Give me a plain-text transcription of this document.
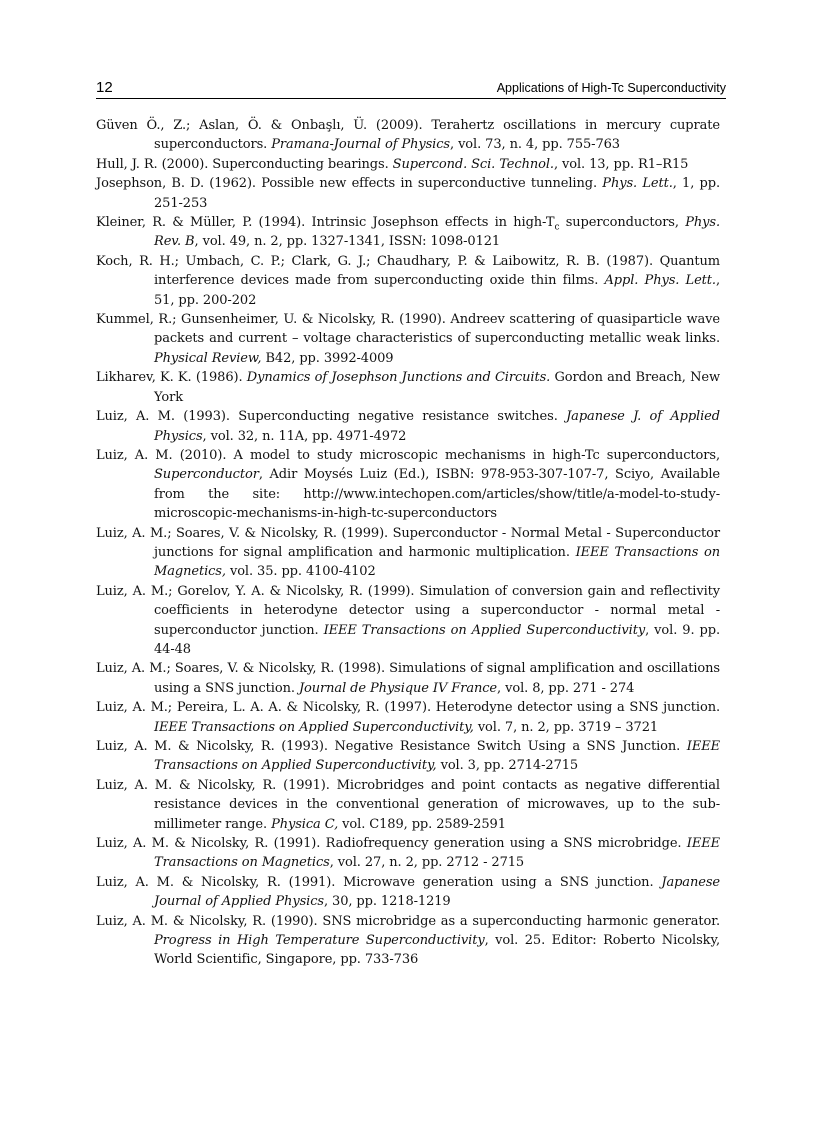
12	Applications of High-Tc Superconductivity

Güven Ö., Z.; Aslan, Ö. & Onbaşlı, Ü. (2009). Terahertz oscillations in mercury cuprate superconductors. Pramana-Journal of Physics, vol. 73, n. 4, pp. 755-763

Hull, J. R. (2000). Superconducting bearings. Supercond. Sci. Technol., vol. 13, pp. R1–R15

Josephson, B. D. (1962). Possible new effects in superconductive tunneling. Phys. Lett., 1, pp. 251-253

Kleiner, R. & Müller, P. (1994). Intrinsic Josephson effects in high-$T_c$ superconductors, Phys. Rev. B, vol. 49, n. 2, pp. 1327-1341, ISSN: 1098-0121

Koch, R. H.; Umbach, C. P.; Clark, G. J.; Chaudhary, P. & Laibowitz, R. B. (1987). Quantum interference devices made from superconducting oxide thin films. Appl. Phys. Lett., 51, pp. 200-202

Kummel, R.; Gunsenheimer, U. & Nicolsky, R. (1990). Andreev scattering of quasiparticle wave packets and current – voltage characteristics of superconducting metallic weak links. Physical Review, B42, pp. 3992-4009

Likharev, K. K. (1986). Dynamics of Josephson Junctions and Circuits. Gordon and Breach, New York

Luiz, A. M. (1993). Superconducting negative resistance switches. Japanese J. of Applied Physics, vol. 32, n. 11A, pp. 4971-4972

Luiz, A. M. (2010). A model to study microscopic mechanisms in high-Tc superconductors, Superconductor, Adir Moysés Luiz (Ed.), ISBN: 978-953-307-107-7, Sciyo, Available from the site: http://www.intechopen.com/articles/show/title/a-model-to-study-microscopic-mechanisms-in-high-tc-superconductors

Luiz, A. M.; Soares, V. & Nicolsky, R. (1999). Superconductor - Normal Metal - Superconductor junctions for signal amplification and harmonic multiplication. IEEE Transactions on Magnetics, vol. 35. pp. 4100-4102

Luiz, A. M.; Gorelov, Y. A. & Nicolsky, R. (1999). Simulation of conversion gain and reflectivity coefficients in heterodyne detector using a superconductor - normal metal - superconductor junction. IEEE Transactions on Applied Superconductivity, vol. 9. pp. 44-48

Luiz, A. M.; Soares, V. & Nicolsky, R. (1998). Simulations of signal amplification and oscillations using a SNS junction. Journal de Physique IV France, vol. 8, pp. 271 - 274

Luiz, A. M.; Pereira, L. A. A. & Nicolsky, R. (1997). Heterodyne detector using a SNS junction. IEEE Transactions on Applied Superconductivity, vol. 7, n. 2, pp. 3719 – 3721

Luiz, A. M. & Nicolsky, R. (1993). Negative Resistance Switch Using a SNS Junction. IEEE Transactions on Applied Superconductivity, vol. 3, pp. 2714-2715

Luiz, A. M. & Nicolsky, R. (1991). Microbridges and point contacts as negative differential resistance devices in the conventional generation of microwaves, up to the sub-millimeter range. Physica C, vol. C189, pp. 2589-2591

Luiz, A. M. & Nicolsky, R. (1991). Radiofrequency generation using a SNS microbridge. IEEE Transactions on Magnetics, vol. 27, n. 2, pp. 2712 - 2715

Luiz, A. M. & Nicolsky, R. (1991). Microwave generation using a SNS junction. Japanese Journal of Applied Physics, 30, pp. 1218-1219

Luiz, A. M. & Nicolsky, R. (1990). SNS microbridge as a superconducting harmonic generator. Progress in High Temperature Superconductivity, vol. 25. Editor: Roberto Nicolsky, World Scientific, Singapore, pp. 733-736
